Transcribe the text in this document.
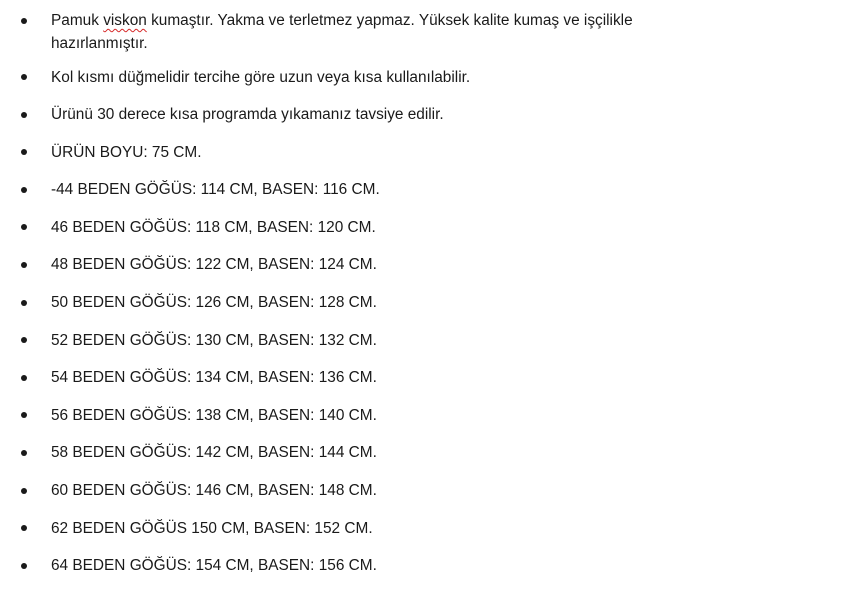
Pamuk viskon kumaştır. Yakma ve terletmez yapmaz. Yüksek kalite kumaş ve işçilikle hazırlanmıştır.
Kol kısmı düğmelidir tercihe göre uzun veya kısa kullanılabilir.
Ürünü 30 derece kısa programda yıkamanız tavsiye edilir.
ÜRÜN BOYU: 75 CM.
-44 BEDEN GÖĞÜS: 114 CM, BASEN: 116 CM.
46 BEDEN GÖĞÜS: 118 CM, BASEN: 120 CM.
48 BEDEN GÖĞÜS: 122 CM, BASEN: 124 CM.
50 BEDEN GÖĞÜS: 126 CM, BASEN: 128 CM.
52 BEDEN GÖĞÜS: 130 CM, BASEN: 132 CM.
54 BEDEN GÖĞÜS: 134 CM, BASEN: 136 CM.
56 BEDEN GÖĞÜS: 138 CM, BASEN: 140 CM.
58 BEDEN GÖĞÜS: 142 CM, BASEN: 144 CM.
60 BEDEN GÖĞÜS: 146 CM, BASEN: 148 CM.
62 BEDEN GÖĞÜS 150 CM, BASEN: 152 CM.
64 BEDEN GÖĞÜS: 154 CM, BASEN: 156 CM.
